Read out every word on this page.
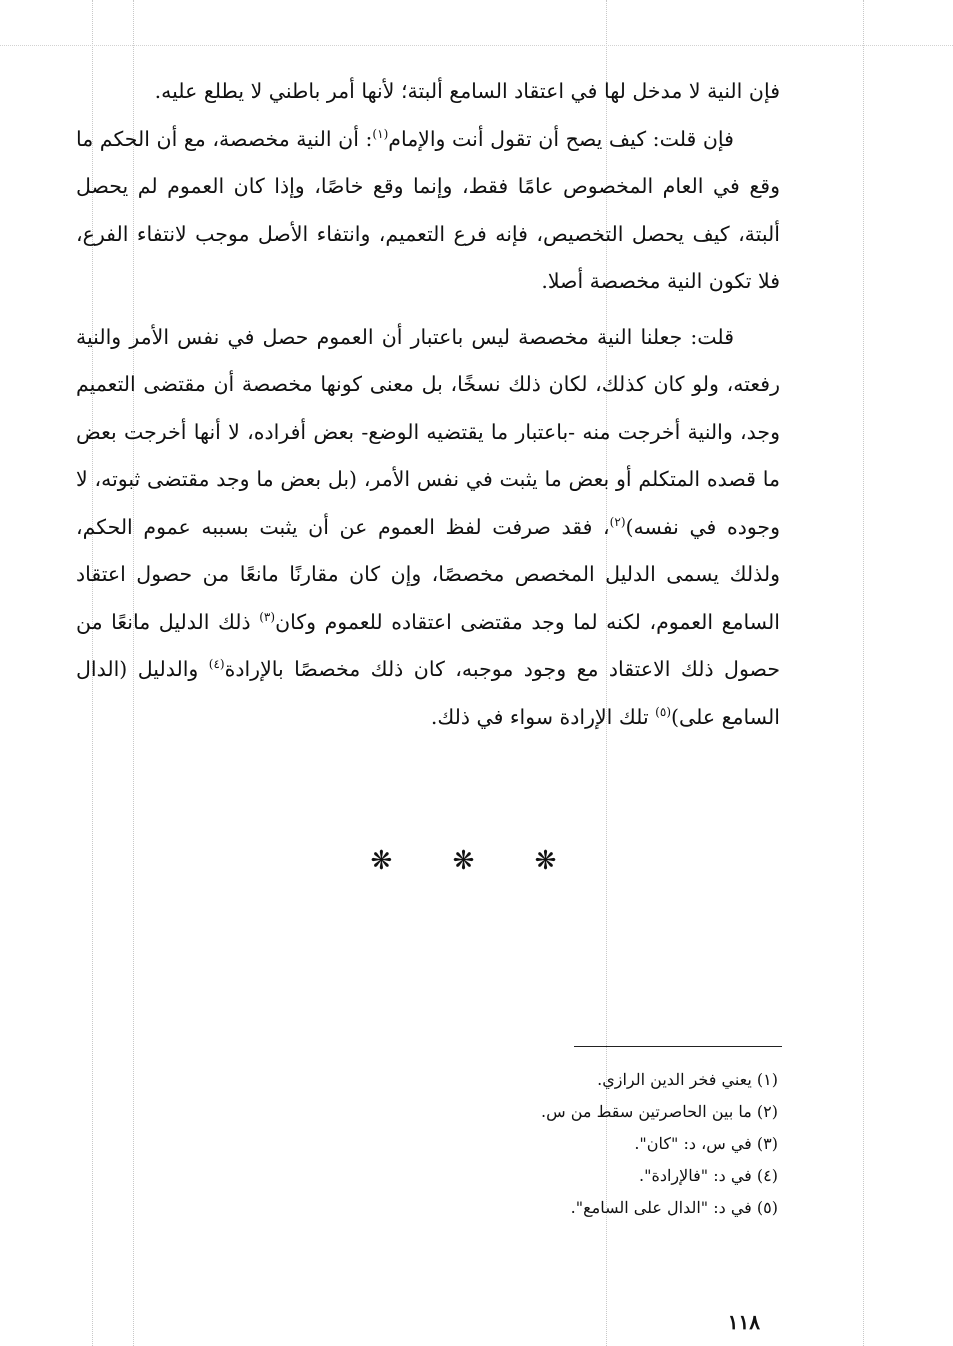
فإن النية لا مدخل لها في اعتقاد السامع ألبتة؛ لأنها أمر باطني لا يطلع عليه.

فإن قلت: كيف يصح أن تقول أنت والإمام$^{(١)}$: أن النية مخصصة، مع أن الحكم ما وقع في العام المخصوص عامًا فقط، وإنما وقع خاصًا، وإذا كان العموم لم يحصل ألبتة، كيف يحصل التخصيص، فإنه فرع التعميم، وانتفاء الأصل موجب لانتفاء الفرع، فلا تكون النية مخصصة أصلا.

قلت: جعلنا النية مخصصة ليس باعتبار أن العموم حصل في نفس الأمر والنية رفعته، ولو كان كذلك، لكان ذلك نسخًا، بل معنى كونها مخصصة أن مقتضى التعميم وجد، والنية أخرجت منه -باعتبار ما يقتضيه الوضع- بعض أفراده، لا أنها أخرجت بعض ما قصده المتكلم أو بعض ما يثبت في نفس الأمر، (بل بعض ما وجد مقتضى ثبوته، لا وجوده في نفسه)$^{(٢)}$، فقد صرفت لفظ العموم عن أن يثبت بسببه عموم الحكم، ولذلك يسمى الدليل المخصص مخصصًا، وإن كان مقارنًا مانعًا من حصول اعتقاد السامع العموم، لكنه لما وجد مقتضى اعتقاده للعموم وكان$^{(٣)}$ ذلك الدليل مانعًا من حصول ذلك الاعتقاد مع وجود موجبه، كان ذلك مخصصًا بالإرادة$^{(٤)}$ والدليل (الدال السامع على)$^{(٥)}$ تلك الإرادة سواء في ذلك.

❋ ❋ ❋

(١) يعني فخر الدين الرازي.

(٢) ما بين الحاصرتين سقط من س.

(٣) في س، د: "كان".

(٤) في د: "فالإرادة".

(٥) في د: "الدال على السامع".

١١٨
